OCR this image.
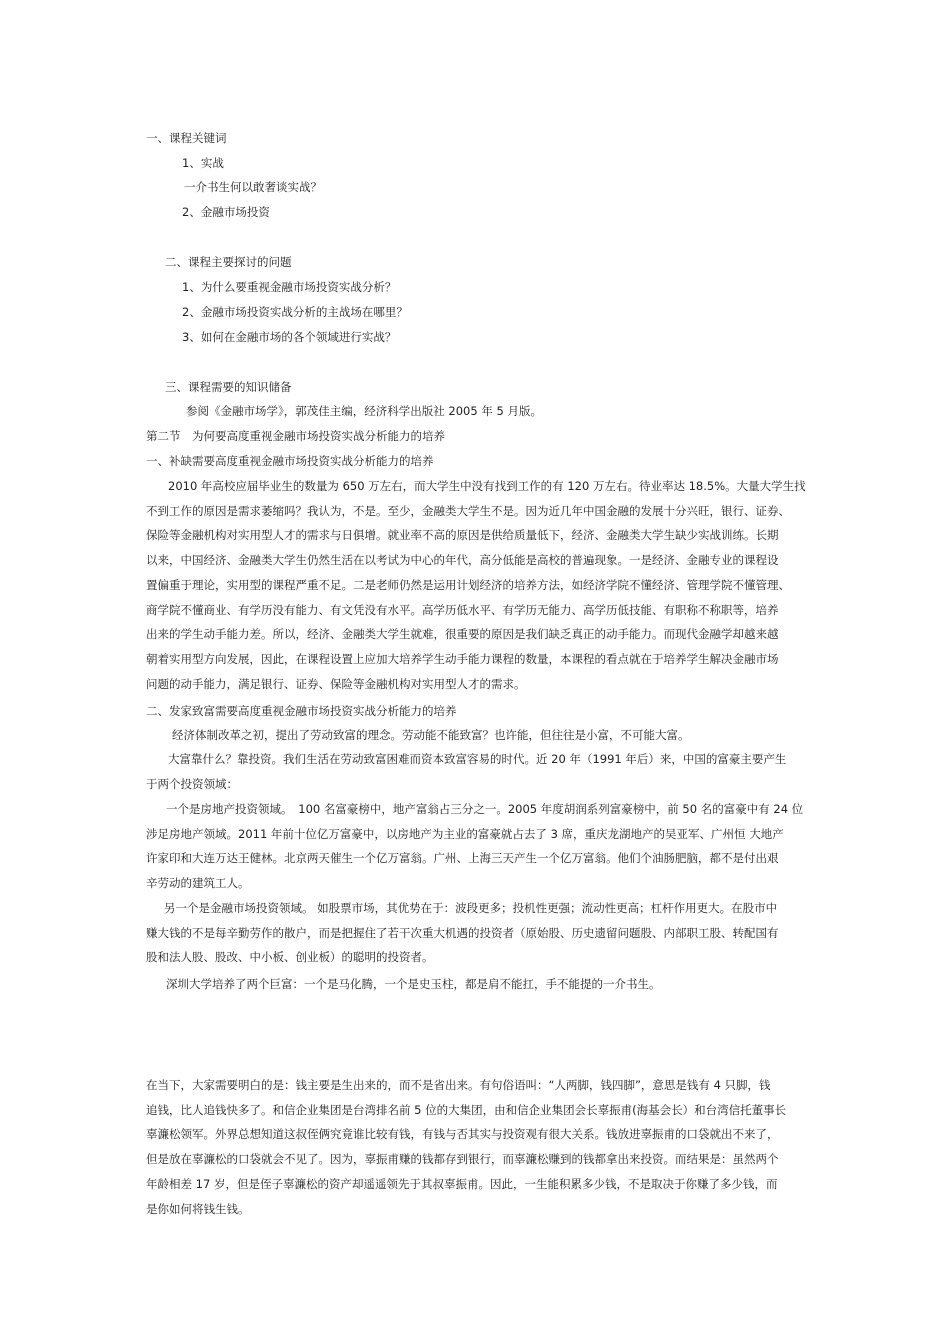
一、课程关键词
1、实战
一介书生何以敢奢谈实战？
2、金融市场投资
二、课程主要探讨的问题
1、为什么要重视金融市场投资实战分析？
2、金融市场投资实战分析的主战场在哪里？
3、如何在金融市场的各个领域进行实战？
三、课程需要的知识储备
参阅《金融市场学》，郭茂佳主编，经济科学出版社 2005 年 5 月版。
第二节　为何要高度重视金融市场投资实战分析能力的培养
一、补缺需要高度重视金融市场投资实战分析能力的培养
2010 年高校应届毕业生的数量为 650 万左右，而大学生中没有找到工作的有 120 万左右。待业率达 18.5%。大量大学生找
不到工作的原因是需求萎缩吗？我认为，不是。至少，金融类大学生不是。因为近几年中国金融的发展十分兴旺，银行、证券、
保险等金融机构对实用型人才的需求与日俱增。就业率不高的原因是供给质量低下，经济、金融类大学生缺少实战训练。长期
以来，中国经济、金融类大学生仍然生活在以考试为中心的年代，高分低能是高校的普遍现象。一是经济、金融专业的课程设
置偏重于理论，实用型的课程严重不足。二是老师仍然是运用计划经济的培养方法，如经济学院不懂经济、管理学院不懂管理、
商学院不懂商业、有学历没有能力、有文凭没有水平。高学历低水平、有学历无能力、高学历低技能、有职称不称职等，培养
出来的学生动手能力差。所以，经济、金融类大学生就难，很重要的原因是我们缺乏真正的动手能力。而现代金融学却越来越
朝着实用型方向发展，因此，在课程设置上应加大培养学生动手能力课程的数量，本课程的看点就在于培养学生解决金融市场
问题的动手能力，满足银行、证券、保险等金融机构对实用型人才的需求。
二、发家致富需要高度重视金融市场投资实战分析能力的培养
经济体制改革之初，提出了劳动致富的理念。劳动能不能致富？也许能，但往往是小富，不可能大富。
大富靠什么？靠投资。我们生活在劳动致富困难而资本致富容易的时代。近 20 年（1991 年后）来，中国的富豪主要产生
于两个投资领域：
一个是房地产投资领域。　100 名富豪榜中，地产富翁占三分之一。2005 年度胡润系列富豪榜中，前 50 名的富豪中有 24 位
涉足房地产领域。2011 年前十位亿万富豪中，以房地产为主业的富豪就占去了 3 席，重庆龙湖地产的吴亚军、广州恒 大地产
许家印和大连万达王健林。北京两天催生一个亿万富翁。广州、上海三天产生一个亿万富翁。他们个油肠肥脑，都不是付出艰
辛劳动的建筑工人。
另一个是金融市场投资领域。 如股票市场，其优势在于：波段更多；投机性更强；流动性更高；杠杆作用更大。在股市中
赚大钱的不是每辛勤劳作的散户，而是把握住了若干次重大机遇的投资者（原始股、历史遗留问题股、内部职工股、转配国有
股和法人股、股改、中小板、创业板）的聪明的投资者。
深圳大学培养了两个巨富：一个是马化腾，一个是史玉柱，都是肩不能扛，手不能提的一介书生。
在当下，大家需要明白的是：钱主要是生出来的，而不是省出来。有句俗语叫：“人两脚，钱四脚”，意思是钱有 4 只脚，钱
追钱，比人追钱快多了。和信企业集团是台湾排名前 5 位的大集团，由和信企业集团会长辜振甫(海基会长）和台湾信托董事长
辜濂松领军。外界总想知道这叔侄俩究竟谁比较有钱，有钱与否其实与投资观有很大关系。钱放进辜振甫的口袋就出不来了，
但是放在辜濂松的口袋就会不见了。因为，辜振甫赚的钱都存到银行，而辜濂松赚到的钱都拿出来投资。而结果是：虽然两个
年龄相差 17 岁，但是侄子辜濂松的资产却遥遥领先于其叔辜振甫。因此，一生能积累多少钱，不是取决于你赚了多少钱，而
是你如何将钱生钱。
